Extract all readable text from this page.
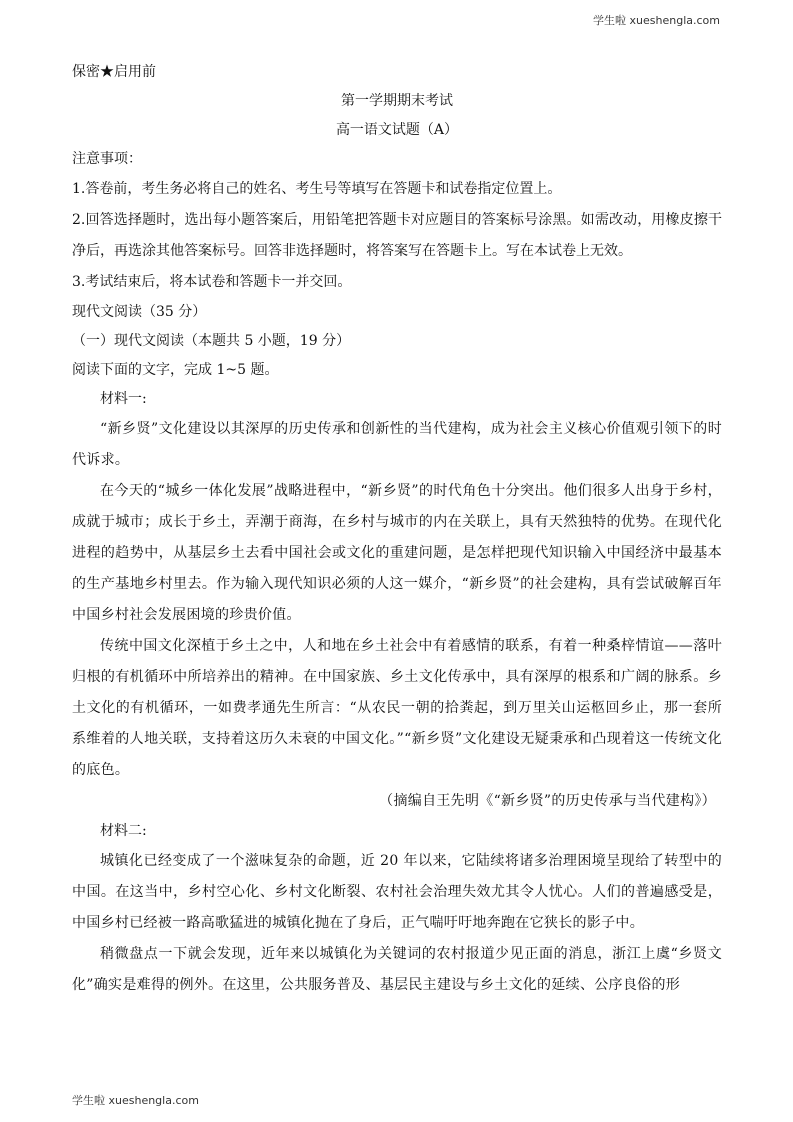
学生啦 xueshengla.com
保密★启用前
第一学期期末考试
高一语文试题（A）
注意事项：

1.答卷前，考生务必将自己的姓名、考生号等填写在答题卡和试卷指定位置上。

2.回答选择题时，选出每小题答案后，用铅笔把答题卡对应题目的答案标号涂黑。如需改动，用橡皮擦干净后，再选涂其他答案标号。回答非选择题时，将答案写在答题卡上。写在本试卷上无效。

3.考试结束后，将本试卷和答题卡一并交回。

现代文阅读（35 分）
（一）现代文阅读（本题共 5 小题，19 分）
阅读下面的文字，完成 1~5 题。
材料一:

“新乡贤”文化建设以其深厚的历史传承和创新性的当代建构，成为社会主义核心价值观引领下的时代诉求。

在今天的“城乡一体化发展”战略进程中，“新乡贤”的时代角色十分突出。他们很多人出身于乡村，成就于城市；成长于乡土，弄潮于商海，在乡村与城市的内在关联上，具有天然独特的优势。在现代化进程的趋势中，从基层乡土去看中国社会或文化的重建问题，是怎样把现代知识输入中国经济中最基本的生产基地乡村里去。作为输入现代知识必须的人这一媒介，“新乡贤”的社会建构，具有尝试破解百年中国乡村社会发展困境的珍贵价值。

传统中国文化深植于乡土之中，人和地在乡土社会中有着感情的联系，有着一种桑梓情谊——落叶归根的有机循环中所培养出的精神。在中国家族、乡土文化传承中，具有深厚的根系和广阔的脉系。乡土文化的有机循环，一如费孝通先生所言：“从农民一朝的拾粪起，到万里关山运柩回乡止，那一套所系维着的人地关联，支持着这历久未衰的中国文化。”“新乡贤”文化建设无疑秉承和凸现着这一传统文化的底色。

（摘编自王先明《“新乡贤”的历史传承与当代建构》）
材料二:

城镇化已经变成了一个滋味复杂的命题，近 20 年以来，它陆续将诸多治理困境呈现给了转型中的中国。在这当中，乡村空心化、乡村文化断裂、农村社会治理失效尤其令人忧心。人们的普遍感受是，中国乡村已经被一路高歌猛进的城镇化抛在了身后，正气喘吁吁地奔跑在它狭长的影子中。

稍微盘点一下就会发现，近年来以城镇化为关键词的农村报道少见正面的消息，浙江上虞“乡贤文化”确实是难得的例外。在这里，公共服务普及、基层民主建设与乡土文化的延续、公序良俗的形

学生啦 xueshengla.com
